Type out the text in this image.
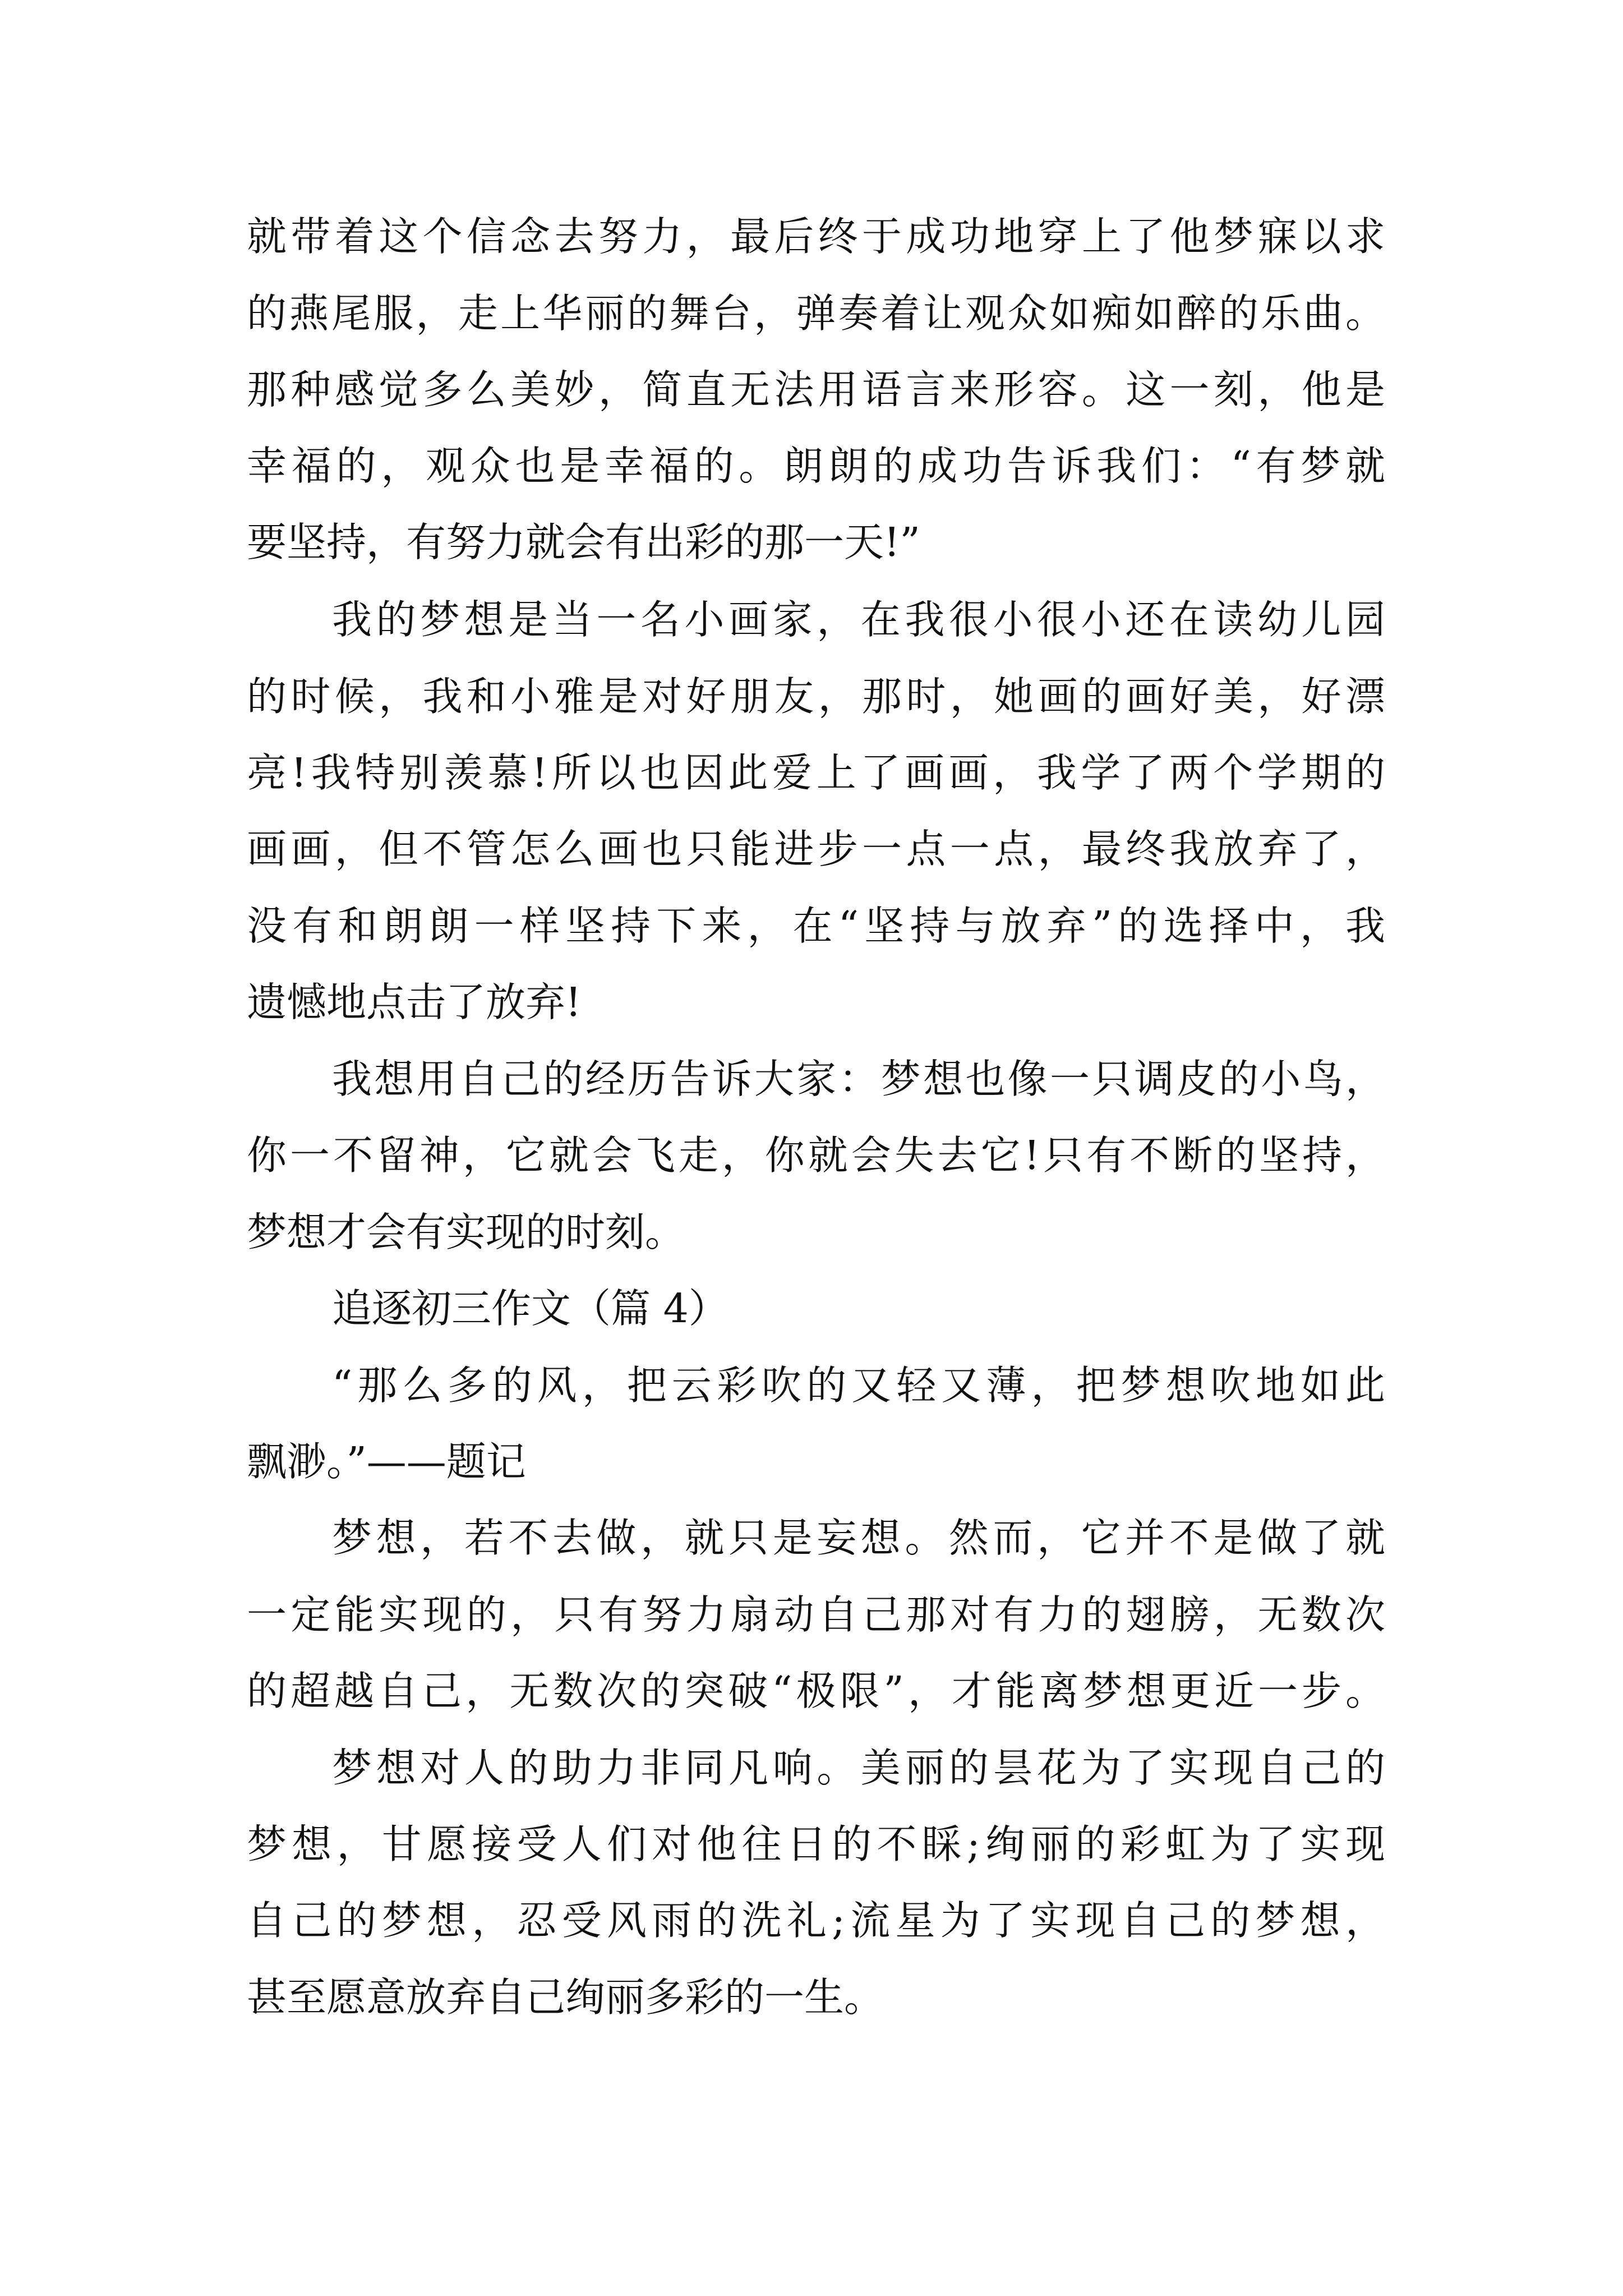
就带着这个信念去努力，最后终于成功地穿上了他梦寐以求
的燕尾服，走上华丽的舞台，弹奏着让观众如痴如醉的乐曲。
那种感觉多么美妙，简直无法用语言来形容。这一刻，他是
幸福的，观众也是幸福的。朗朗的成功告诉我们：“有梦就
要坚持，有努力就会有出彩的那一天!”
我的梦想是当一名小画家，在我很小很小还在读幼儿园
的时候，我和小雅是对好朋友，那时，她画的画好美，好漂
亮!我特别羡慕!所以也因此爱上了画画，我学了两个学期的
画画，但不管怎么画也只能进步一点一点，最终我放弃了，
没有和朗朗一样坚持下来，在“坚持与放弃”的选择中，我
遗憾地点击了放弃!
我想用自己的经历告诉大家：梦想也像一只调皮的小鸟，
你一不留神，它就会飞走，你就会失去它!只有不断的坚持，
梦想才会有实现的时刻。
追逐初三作文（篇 4）
“那么多的风，把云彩吹的又轻又薄，把梦想吹地如此
飘渺。”——题记
梦想，若不去做，就只是妄想。然而，它并不是做了就
一定能实现的，只有努力扇动自己那对有力的翅膀，无数次
的超越自己，无数次的突破“极限”，才能离梦想更近一步。
梦想对人的助力非同凡响。美丽的昙花为了实现自己的
梦想，甘愿接受人们对他往日的不睬;绚丽的彩虹为了实现
自己的梦想，忍受风雨的洗礼;流星为了实现自己的梦想，
甚至愿意放弃自己绚丽多彩的一生。
